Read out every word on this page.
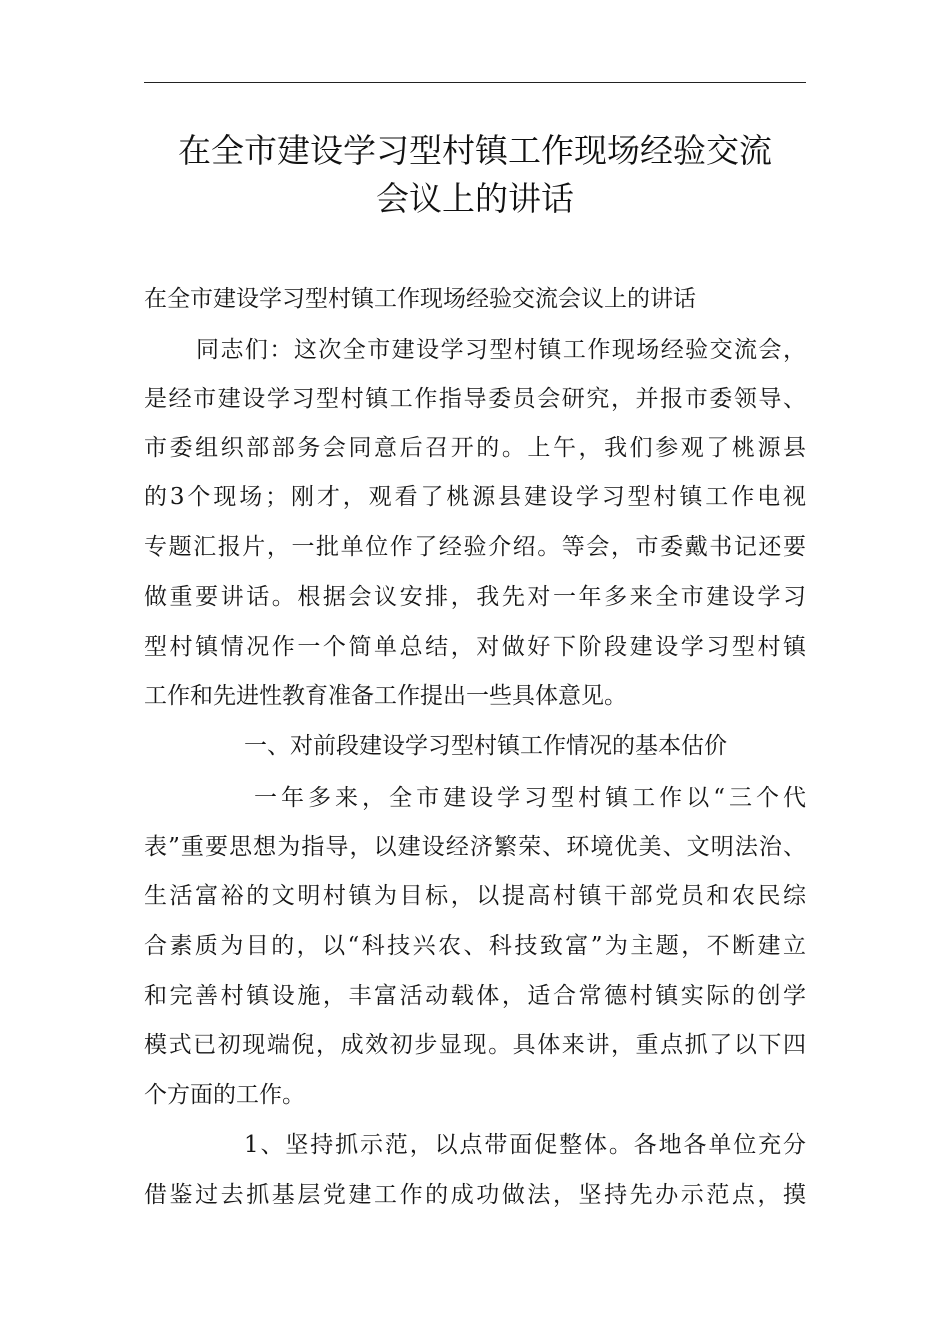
在全市建设学习型村镇工作现场经验交流
会议上的讲话
在全市建设学习型村镇工作现场经验交流会议上的讲话
同志们：这次全市建设学习型村镇工作现场经验交流会，
是经市建设学习型村镇工作指导委员会研究，并报市委领导、
市委组织部部务会同意后召开的。上午，我们参观了桃源县
的3个现场；刚才，观看了桃源县建设学习型村镇工作电视
专题汇报片，一批单位作了经验介绍。等会，市委戴书记还要
做重要讲话。根据会议安排，我先对一年多来全市建设学习
型村镇情况作一个简单总结，对做好下阶段建设学习型村镇
工作和先进性教育准备工作提出一些具体意见。
一、对前段建设学习型村镇工作情况的基本估价
一年多来，全市建设学习型村镇工作以“三个代
表”重要思想为指导，以建设经济繁荣、环境优美、文明法治、
生活富裕的文明村镇为目标，以提高村镇干部党员和农民综
合素质为目的，以“科技兴农、科技致富”为主题，不断建立
和完善村镇设施，丰富活动载体，适合常德村镇实际的创学
模式已初现端倪，成效初步显现。具体来讲，重点抓了以下四
个方面的工作。
1、坚持抓示范，以点带面促整体。各地各单位充分
借鉴过去抓基层党建工作的成功做法，坚持先办示范点，摸
